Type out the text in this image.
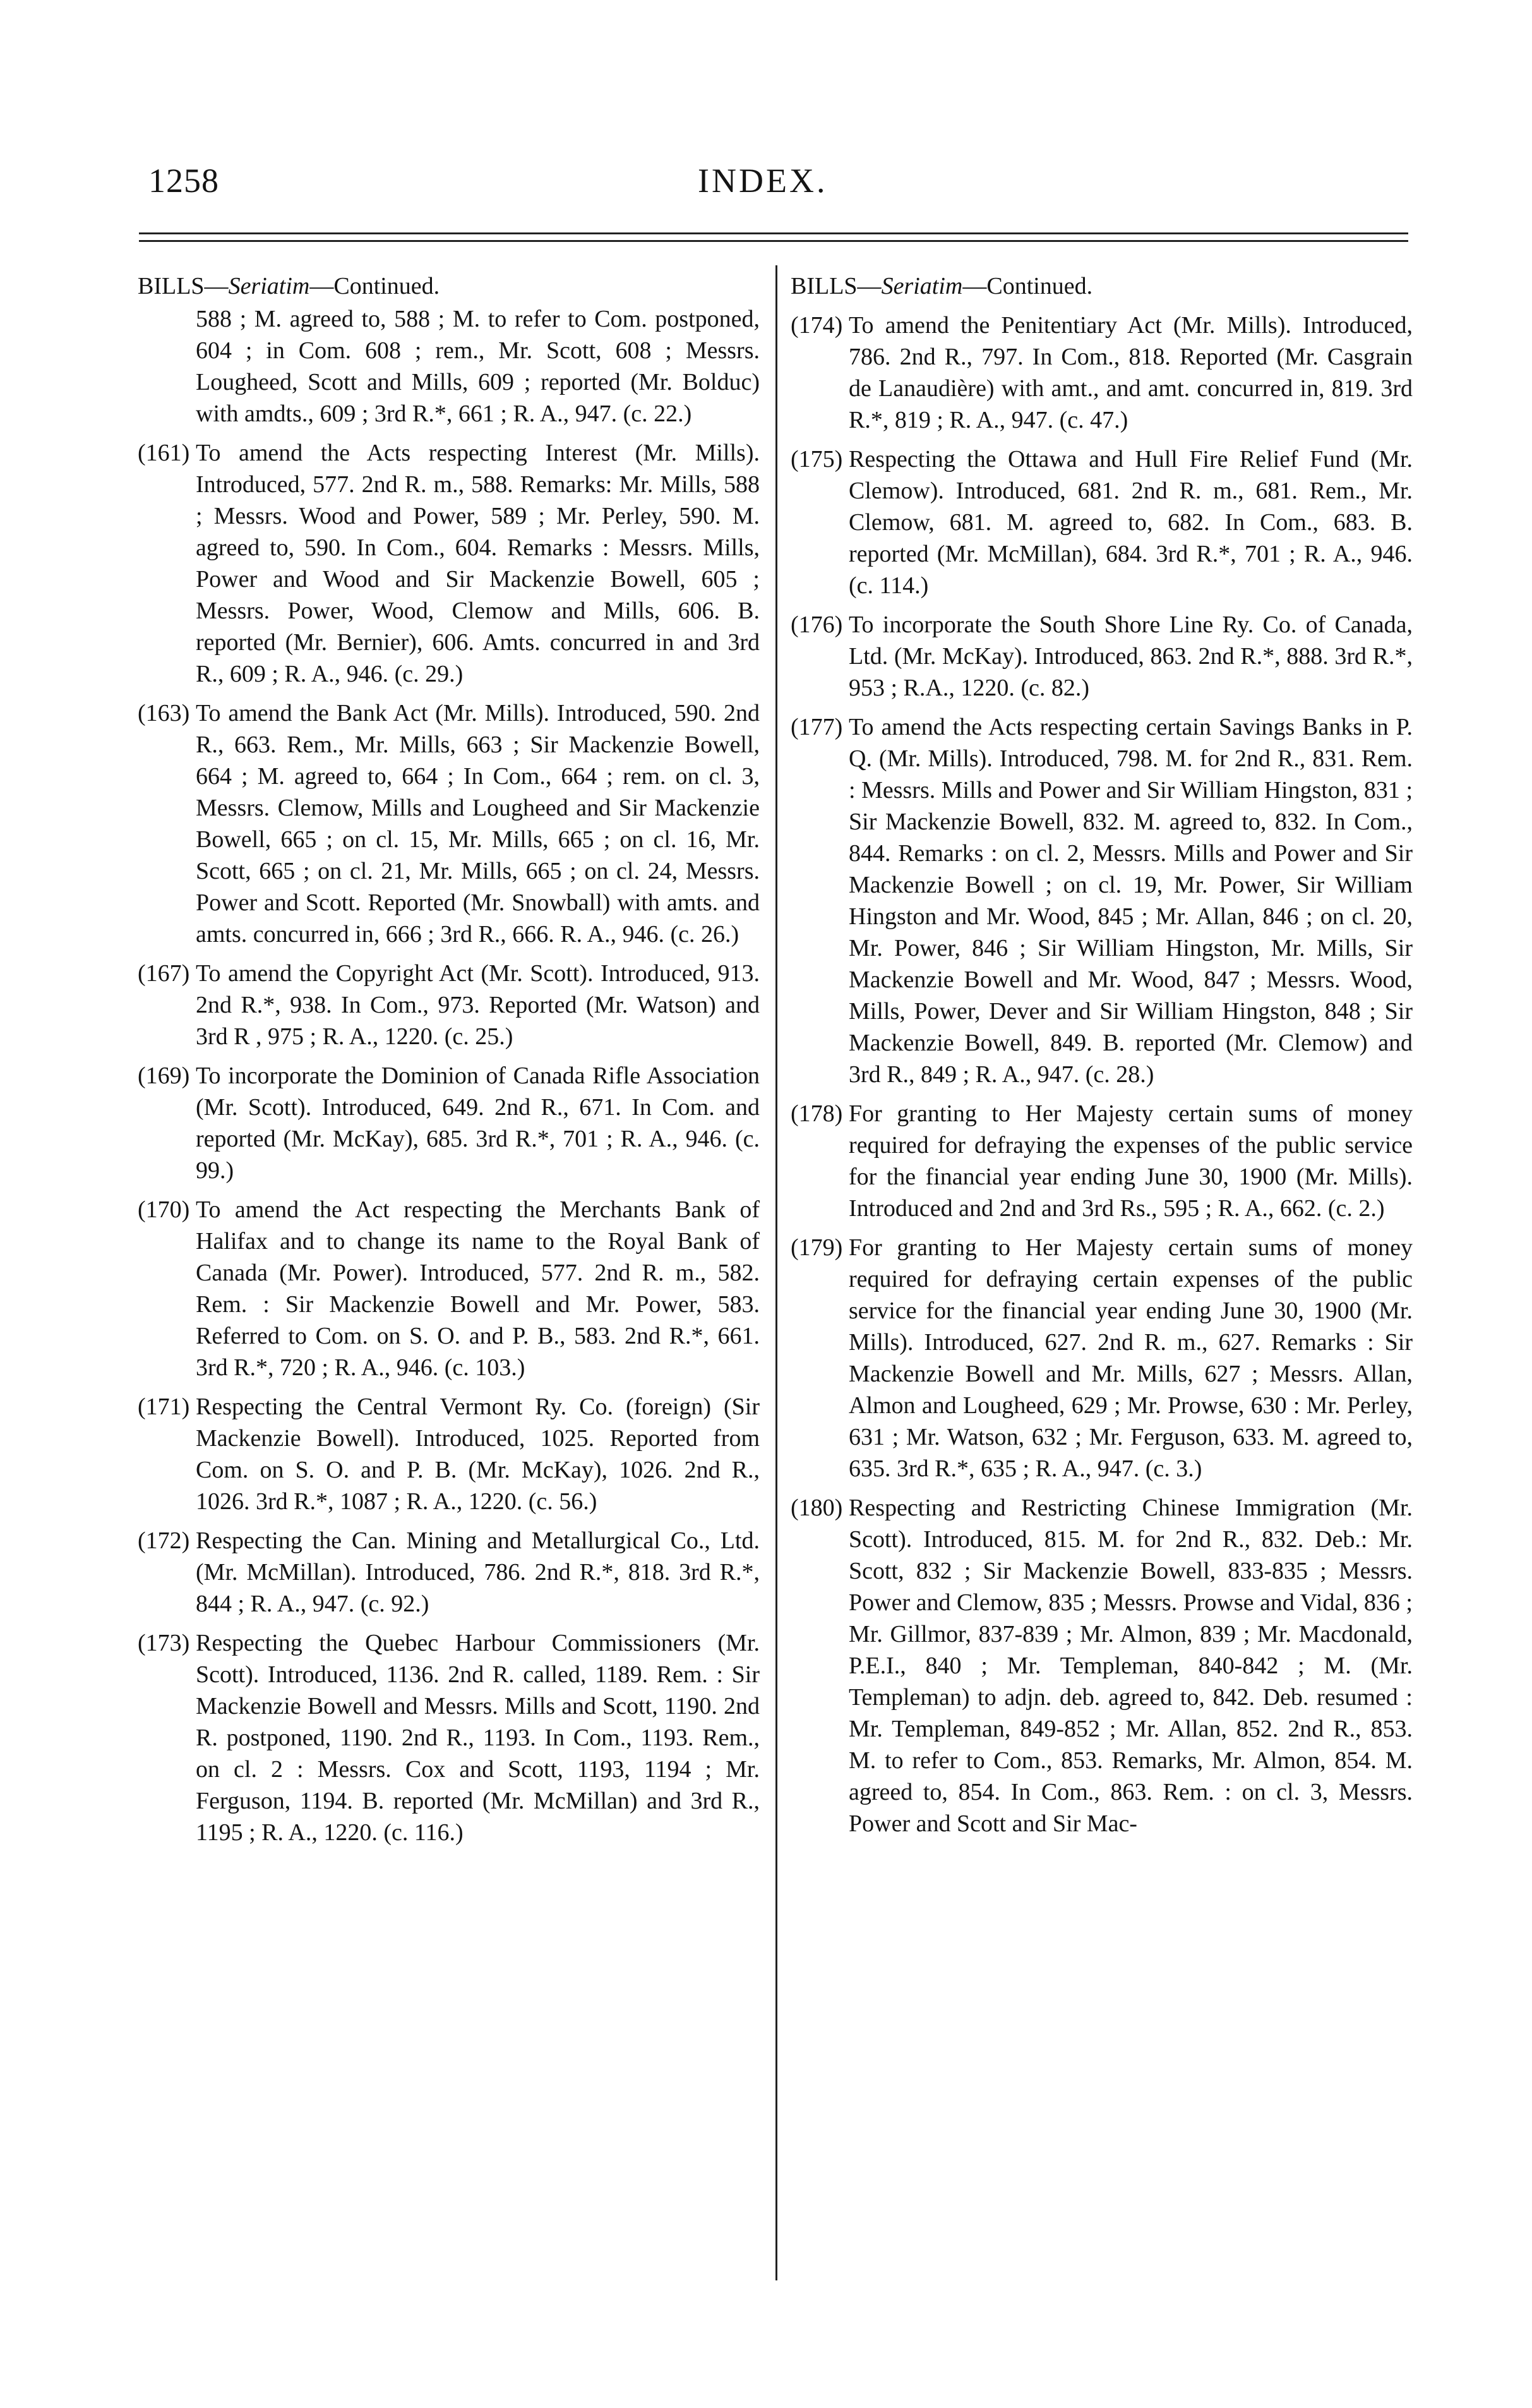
1258	INDEX.
BILLS—Seriatim—Continued.
588 ; M. agreed to, 588 ; M. to refer to Com. postponed, 604 ; in Com. 608 ; rem., Mr. Scott, 608 ; Messrs. Lougheed, Scott and Mills, 609 ; reported (Mr. Bolduc) with amdts., 609 ; 3rd R.*, 661 ; R. A., 947. (c. 22.)
(161) To amend the Acts respecting Interest (Mr. Mills). Introduced, 577. 2nd R. m., 588. Remarks: Mr. Mills, 588 ; Messrs. Wood and Power, 589 ; Mr. Perley, 590. M. agreed to, 590. In Com., 604. Remarks : Messrs. Mills, Power and Wood and Sir Mackenzie Bowell, 605 ; Messrs. Power, Wood, Clemow and Mills, 606. B. reported (Mr. Bernier), 606. Amts. concurred in and 3rd R., 609 ; R. A., 946. (c. 29.)
(163) To amend the Bank Act (Mr. Mills). Introduced, 590. 2nd R., 663. Rem., Mr. Mills, 663 ; Sir Mackenzie Bowell, 664 ; M. agreed to, 664 ; In Com., 664 ; rem. on cl. 3, Messrs. Clemow, Mills and Lougheed and Sir Mackenzie Bowell, 665 ; on cl. 15, Mr. Mills, 665 ; on cl. 16, Mr. Scott, 665 ; on cl. 21, Mr. Mills, 665 ; on cl. 24, Messrs. Power and Scott. Reported (Mr. Snowball) with amts. and amts. concurred in, 666 ; 3rd R., 666. R. A., 946. (c. 26.)
(167) To amend the Copyright Act (Mr. Scott). Introduced, 913. 2nd R.*, 938. In Com., 973. Reported (Mr. Watson) and 3rd R , 975 ; R. A., 1220. (c. 25.)
(169) To incorporate the Dominion of Canada Rifle Association (Mr. Scott). Introduced, 649. 2nd R., 671. In Com. and reported (Mr. McKay), 685. 3rd R.*, 701 ; R. A., 946. (c. 99.)
(170) To amend the Act respecting the Merchants Bank of Halifax and to change its name to the Royal Bank of Canada (Mr. Power). Introduced, 577. 2nd R. m., 582. Rem. : Sir Mackenzie Bowell and Mr. Power, 583. Referred to Com. on S. O. and P. B., 583. 2nd R.*, 661. 3rd R.*, 720 ; R. A., 946. (c. 103.)
(171) Respecting the Central Vermont Ry. Co. (foreign) (Sir Mackenzie Bowell). Introduced, 1025. Reported from Com. on S. O. and P. B. (Mr. McKay), 1026. 2nd R., 1026. 3rd R.*, 1087 ; R. A., 1220. (c. 56.)
(172) Respecting the Can. Mining and Metallurgical Co., Ltd. (Mr. McMillan). Introduced, 786. 2nd R.*, 818. 3rd R.*, 844 ; R. A., 947. (c. 92.)
(173) Respecting the Quebec Harbour Commissioners (Mr. Scott). Introduced, 1136. 2nd R. called, 1189. Rem. : Sir Mackenzie Bowell and Messrs. Mills and Scott, 1190. 2nd R. postponed, 1190. 2nd R., 1193. In Com., 1193. Rem., on cl. 2 : Messrs. Cox and Scott, 1193, 1194 ; Mr. Ferguson, 1194. B. reported (Mr. McMillan) and 3rd R., 1195 ; R. A., 1220. (c. 116.)
BILLS—Seriatim—Continued.
(174) To amend the Penitentiary Act (Mr. Mills). Introduced, 786. 2nd R., 797. In Com., 818. Reported (Mr. Casgrain de Lanaudière) with amt., and amt. concurred in, 819. 3rd R.*, 819 ; R. A., 947. (c. 47.)
(175) Respecting the Ottawa and Hull Fire Relief Fund (Mr. Clemow). Introduced, 681. 2nd R. m., 681. Rem., Mr. Clemow, 681. M. agreed to, 682. In Com., 683. B. reported (Mr. McMillan), 684. 3rd R.*, 701 ; R. A., 946. (c. 114.)
(176) To incorporate the South Shore Line Ry. Co. of Canada, Ltd. (Mr. McKay). Introduced, 863. 2nd R.*, 888. 3rd R.*, 953 ; R.A., 1220. (c. 82.)
(177) To amend the Acts respecting certain Savings Banks in P. Q. (Mr. Mills). Introduced, 798. M. for 2nd R., 831. Rem. : Messrs. Mills and Power and Sir William Hingston, 831 ; Sir Mackenzie Bowell, 832. M. agreed to, 832. In Com., 844. Remarks : on cl. 2, Messrs. Mills and Power and Sir Mackenzie Bowell ; on cl. 19, Mr. Power, Sir William Hingston and Mr. Wood, 845 ; Mr. Allan, 846 ; on cl. 20, Mr. Power, 846 ; Sir William Hingston, Mr. Mills, Sir Mackenzie Bowell and Mr. Wood, 847 ; Messrs. Wood, Mills, Power, Dever and Sir William Hingston, 848 ; Sir Mackenzie Bowell, 849. B. reported (Mr. Clemow) and 3rd R., 849 ; R. A., 947. (c. 28.)
(178) For granting to Her Majesty certain sums of money required for defraying the expenses of the public service for the financial year ending June 30, 1900 (Mr. Mills). Introduced and 2nd and 3rd Rs., 595 ; R. A., 662. (c. 2.)
(179) For granting to Her Majesty certain sums of money required for defraying certain expenses of the public service for the financial year ending June 30, 1900 (Mr. Mills). Introduced, 627. 2nd R. m., 627. Remarks : Sir Mackenzie Bowell and Mr. Mills, 627 ; Messrs. Allan, Almon and Lougheed, 629 ; Mr. Prowse, 630 : Mr. Perley, 631 ; Mr. Watson, 632 ; Mr. Ferguson, 633. M. agreed to, 635. 3rd R.*, 635 ; R. A., 947. (c. 3.)
(180) Respecting and Restricting Chinese Immigration (Mr. Scott). Introduced, 815. M. for 2nd R., 832. Deb.: Mr. Scott, 832 ; Sir Mackenzie Bowell, 833-835 ; Messrs. Power and Clemow, 835 ; Messrs. Prowse and Vidal, 836 ; Mr. Gillmor, 837-839 ; Mr. Almon, 839 ; Mr. Macdonald, P.E.I., 840 ; Mr. Templeman, 840-842 ; M. (Mr. Templeman) to adjn. deb. agreed to, 842. Deb. resumed : Mr. Templeman, 849-852 ; Mr. Allan, 852. 2nd R., 853. M. to refer to Com., 853. Remarks, Mr. Almon, 854. M. agreed to, 854. In Com., 863. Rem. : on cl. 3, Messrs. Power and Scott and Sir Mac-
